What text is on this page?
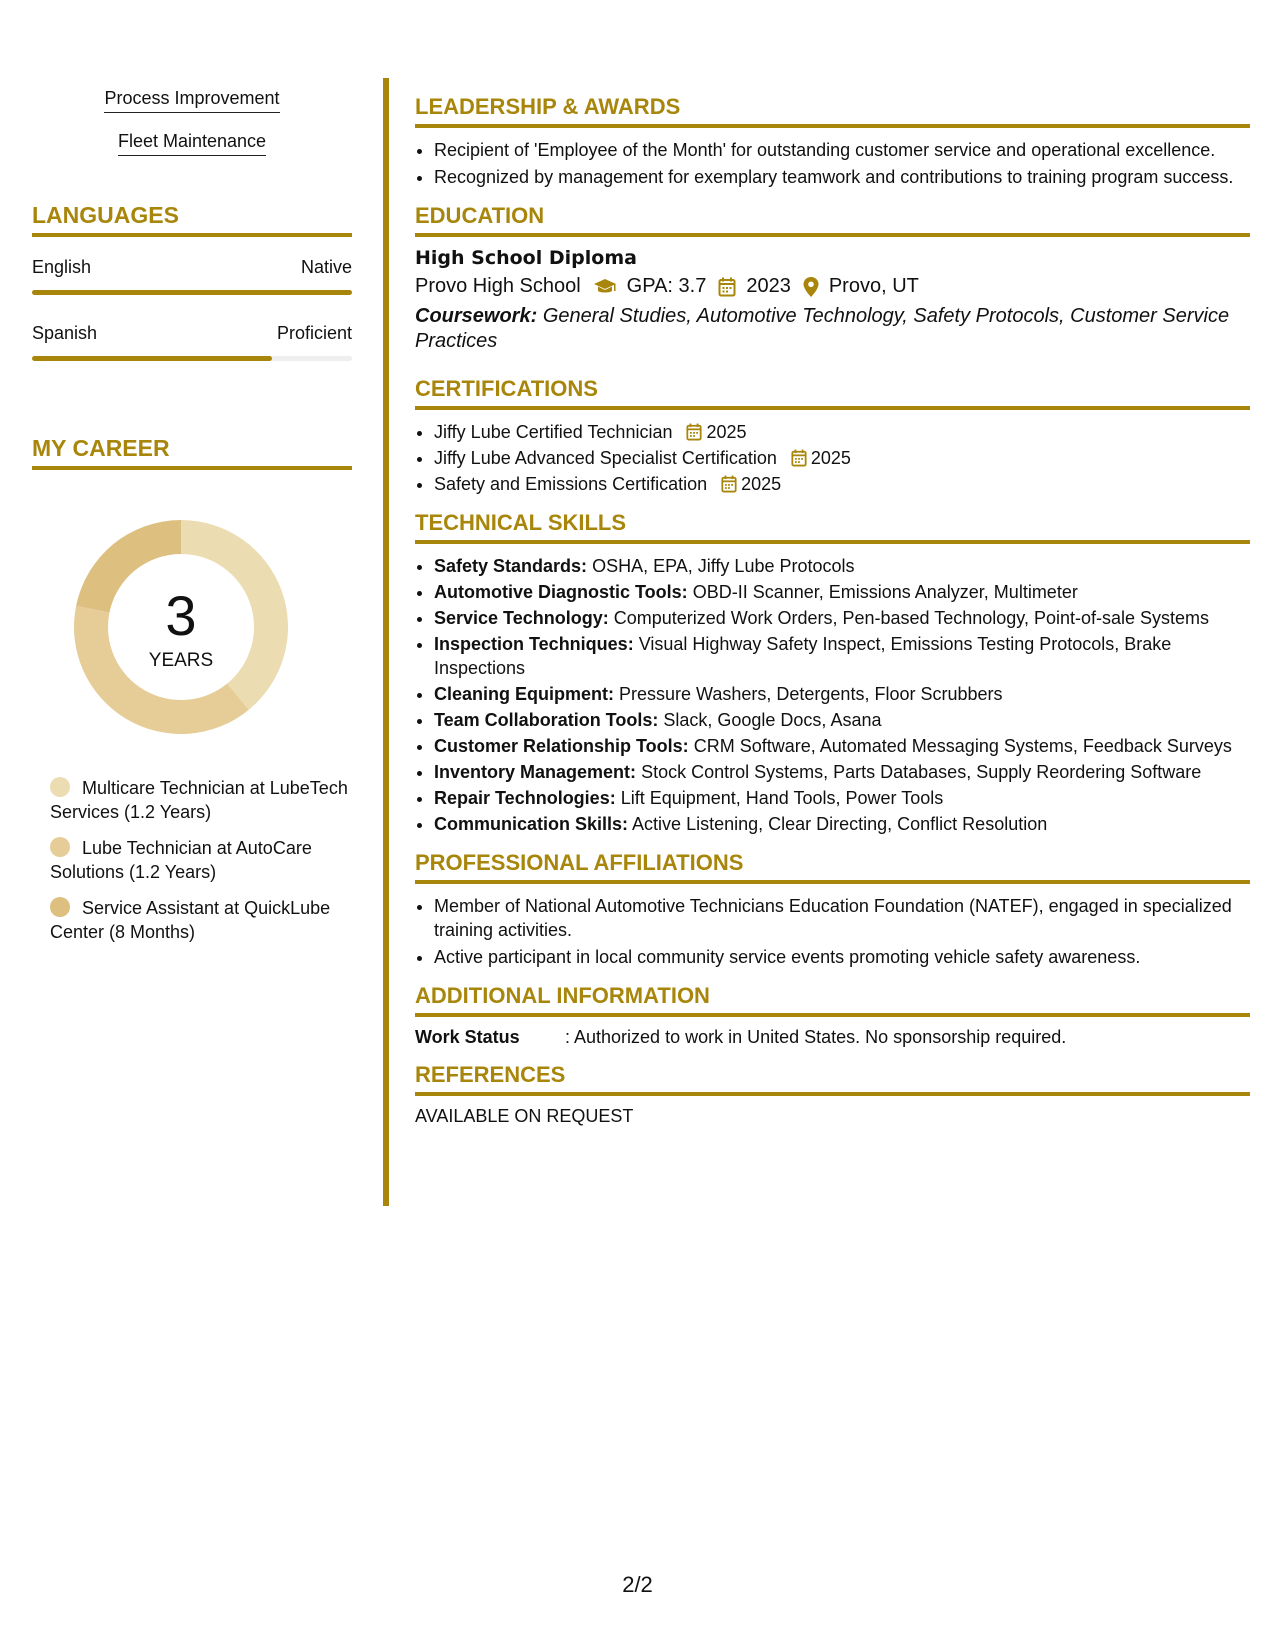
Process Improvement
Fleet Maintenance
LANGUAGES
English	Native
Spanish	Proficient
MY CAREER
3
YEARS
Multicare Technician at LubeTech Services (1.2 Years)
Lube Technician at AutoCare Solutions (1.2 Years)
Service Assistant at QuickLube Center (8 Months)
LEADERSHIP & AWARDS
• Recipient of 'Employee of the Month' for outstanding customer service and operational excellence.
• Recognized by management for exemplary teamwork and contributions to training program success.
EDUCATION
High School Diploma
Provo High School GPA: 3.7 2023 Provo, UT
Coursework: General Studies, Automotive Technology, Safety Protocols, Customer Service Practices
CERTIFICATIONS
• Jiffy Lube Certified Technician 2025
• Jiffy Lube Advanced Specialist Certification 2025
• Safety and Emissions Certification 2025
TECHNICAL SKILLS
• Safety Standards: OSHA, EPA, Jiffy Lube Protocols
• Automotive Diagnostic Tools: OBD-II Scanner, Emissions Analyzer, Multimeter
• Service Technology: Computerized Work Orders, Pen-based Technology, Point-of-sale Systems
• Inspection Techniques: Visual Highway Safety Inspect, Emissions Testing Protocols, Brake Inspections
• Cleaning Equipment: Pressure Washers, Detergents, Floor Scrubbers
• Team Collaboration Tools: Slack, Google Docs, Asana
• Customer Relationship Tools: CRM Software, Automated Messaging Systems, Feedback Surveys
• Inventory Management: Stock Control Systems, Parts Databases, Supply Reordering Software
• Repair Technologies: Lift Equipment, Hand Tools, Power Tools
• Communication Skills: Active Listening, Clear Directing, Conflict Resolution
PROFESSIONAL AFFILIATIONS
• Member of National Automotive Technicians Education Foundation (NATEF), engaged in specialized training activities.
• Active participant in local community service events promoting vehicle safety awareness.
ADDITIONAL INFORMATION
Work Status	: Authorized to work in United States. No sponsorship required.
REFERENCES
AVAILABLE ON REQUEST
2/2
